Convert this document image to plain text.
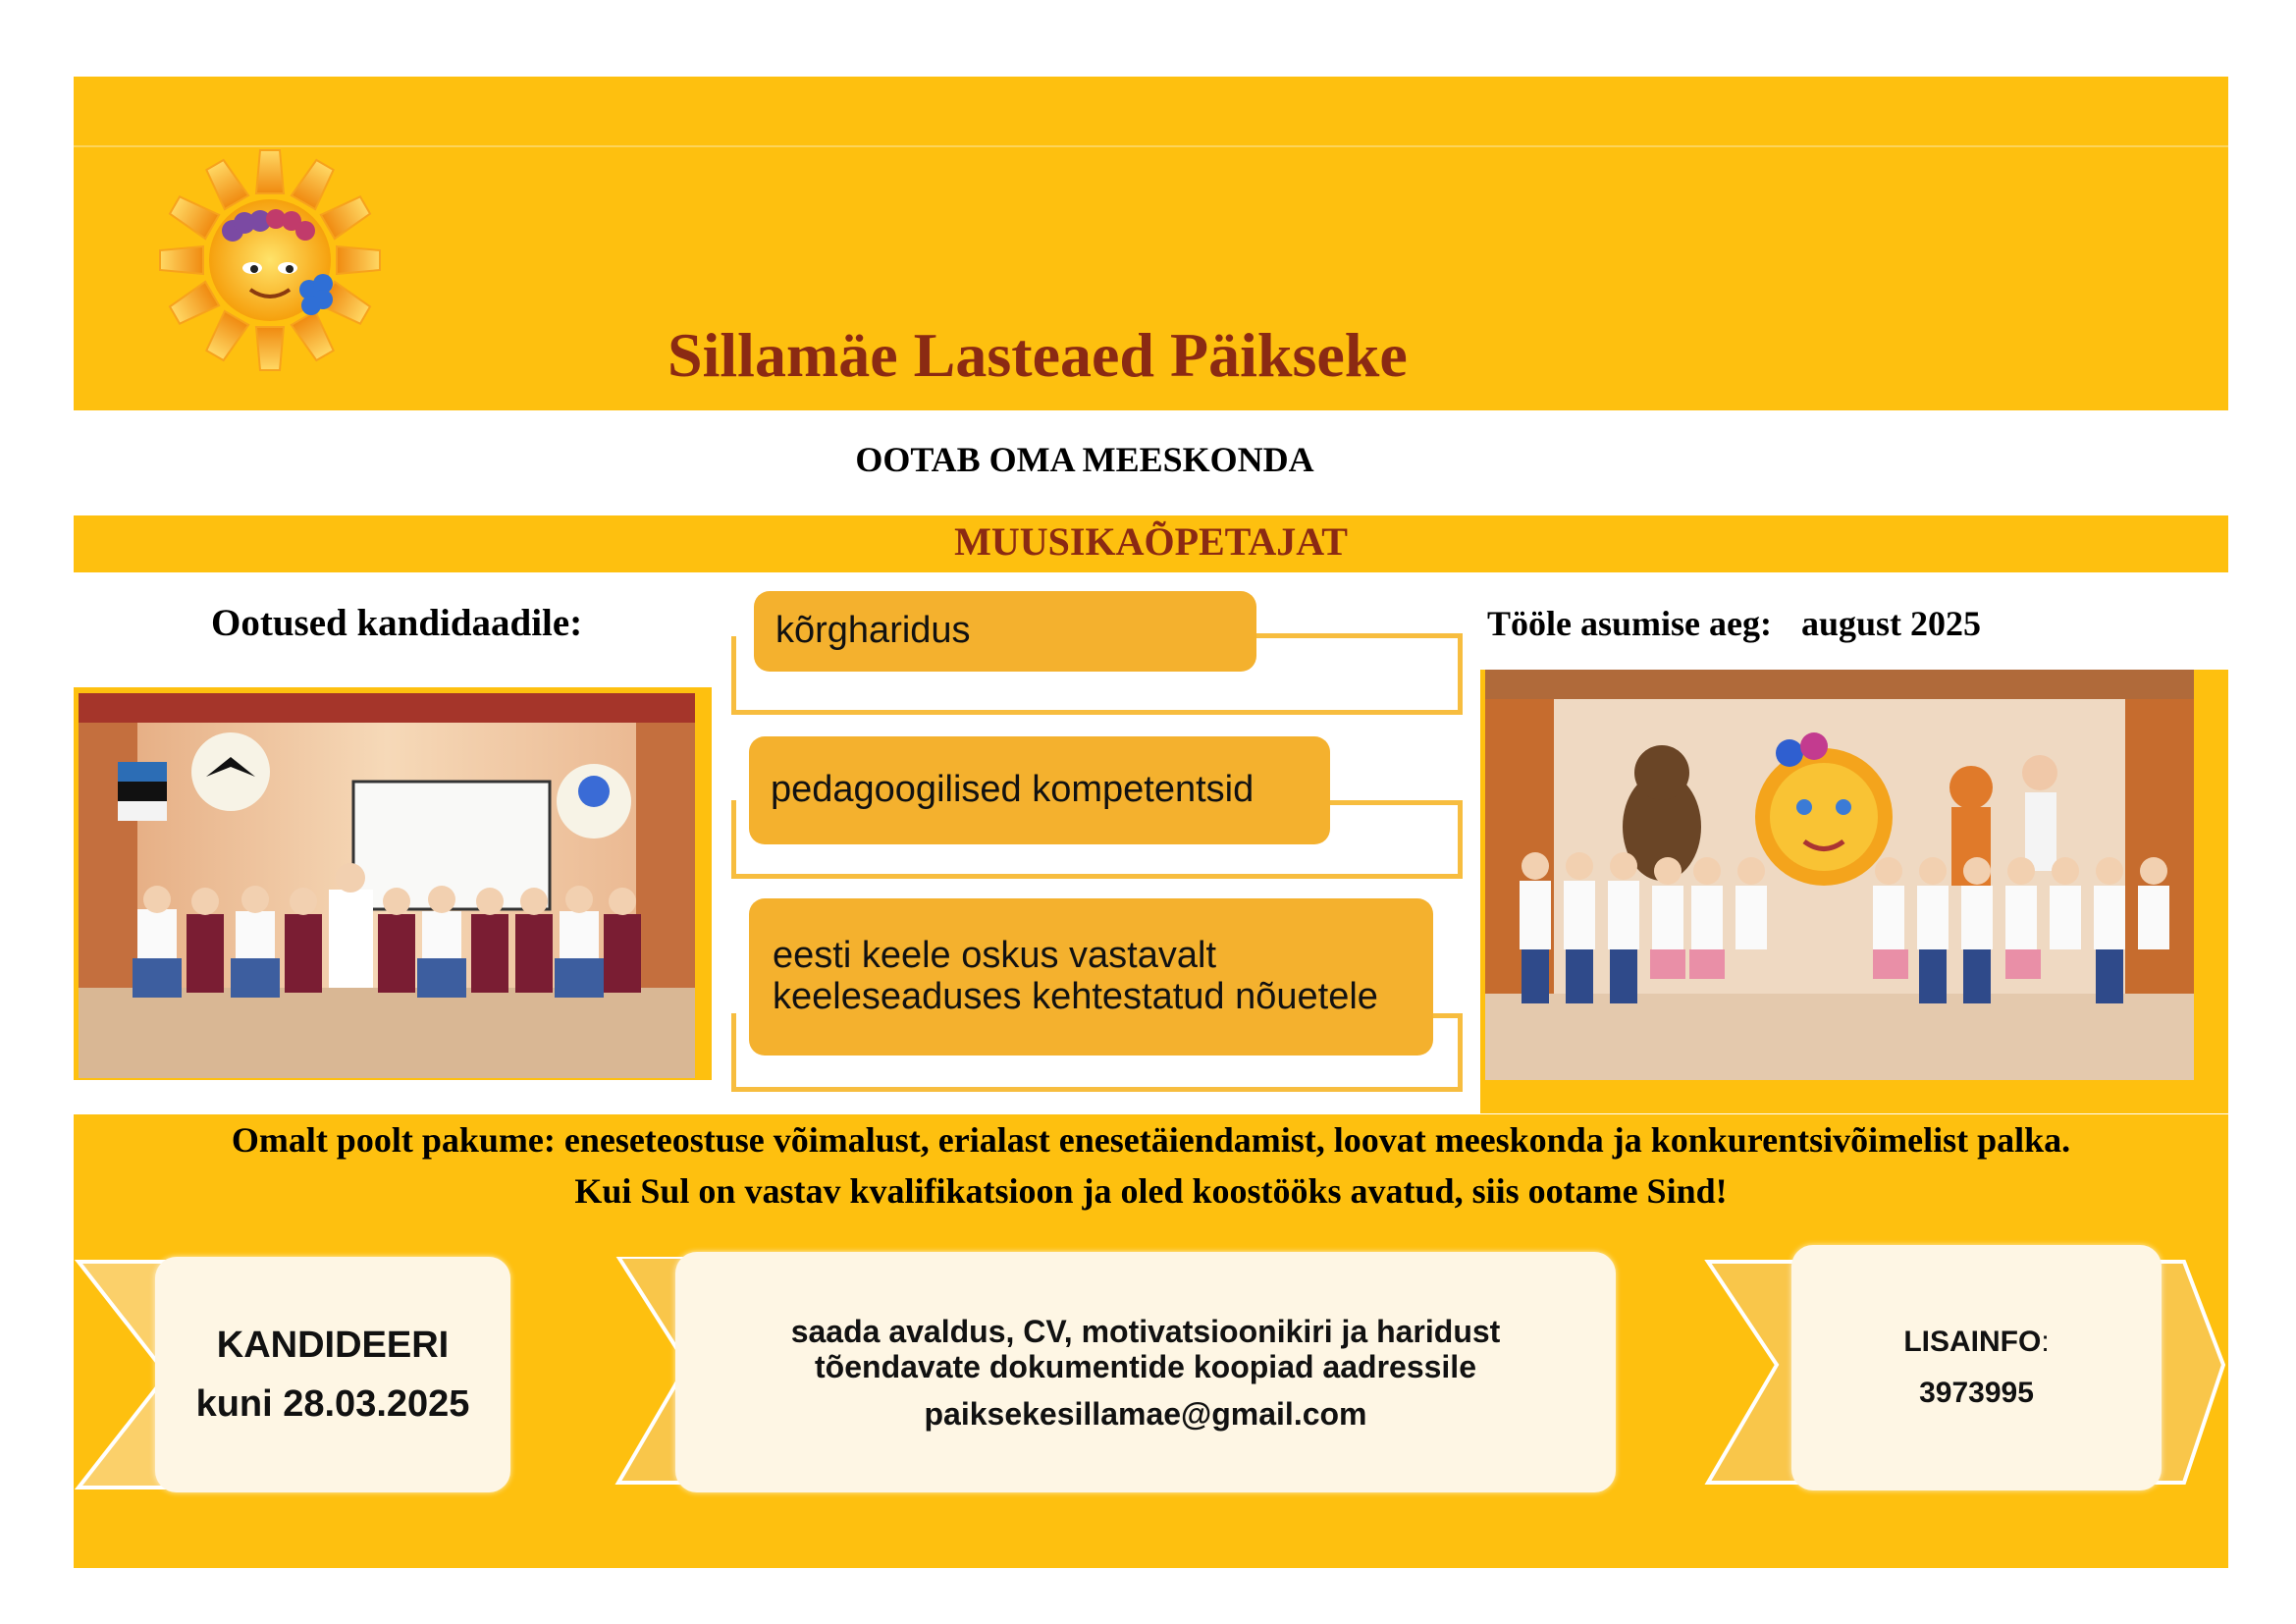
Sillamäe Lasteaed Päikseke
OOTAB OMA MEESKONDA
MUUSIKAÕPETAJAT
Ootused kandidaadile:	Tööle asumise aeg: august 2025
kõrgharidus
pedagoogilised kompetentsid
eesti keele oskus vastavalt
keeleseaduses kehtestatud nõuetele
Omalt poolt pakume: eneseteostuse võimalust, erialast enesetäiendamist, loovat meeskonda ja konkurentsivõimelist palka.
Kui Sul on vastav kvalifikatsioon ja oled koostööks avatud, siis ootame Sind!
KANDIDEERI
kuni 28.03.2025
saada avaldus, CV, motivatsioonikiri ja haridust
tõendavate dokumentide koopiad aadressile
paiksekesillamae@gmail.com
LISAINFO:
3973995
